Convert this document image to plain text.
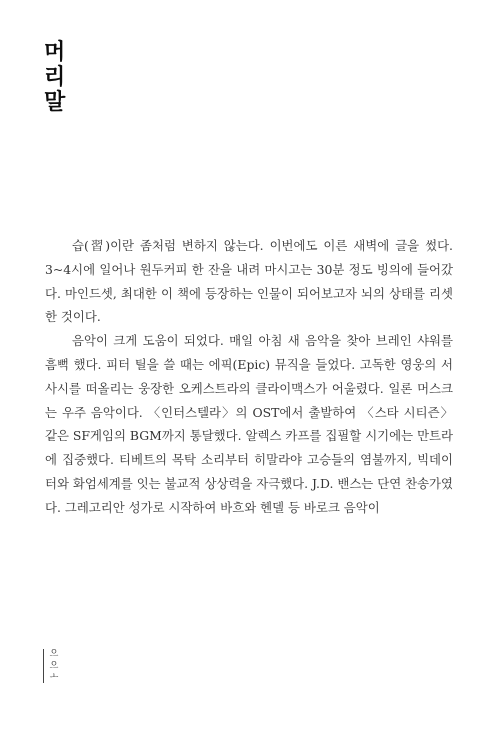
머
리
말

습(習)이란 좀처럼 변하지 않는다. 이번에도 이른 새벽에 글을 썼다. 3~4시에 일어나 원두커피 한 잔을 내려 마시고는 30분 정도 빙의에 들어갔다. 마인드셋, 최대한 이 책에 등장하는 인물이 되어보고자 뇌의 상태를 리셋한 것이다.

음악이 크게 도움이 되었다. 매일 아침 새 음악을 찾아 브레인 샤워를 흠뻑 했다. 피터 틸을 쓸 때는 에픽(Epic) 뮤직을 들었다. 고독한 영웅의 서사시를 떠올리는 웅장한 오케스트라의 클라이맥스가 어울렸다. 일론 머스크는 우주 음악이다. 〈인터스텔라〉의 OST에서 출발하여 〈스타 시티즌〉 같은 SF게임의 BGM까지 통달했다. 알렉스 카프를 집필할 시기에는 만트라에 집중했다. 티베트의 목탁 소리부터 히말라야 고승들의 염불까지, 빅데이터와 화엄세계를 잇는 불교적 상상력을 자극했다. J.D. 밴스는 단연 찬송가였다. 그레고리안 성가로 시작하여 바흐와 헨델 등 바로크 음악이

으
으
ㅗ
